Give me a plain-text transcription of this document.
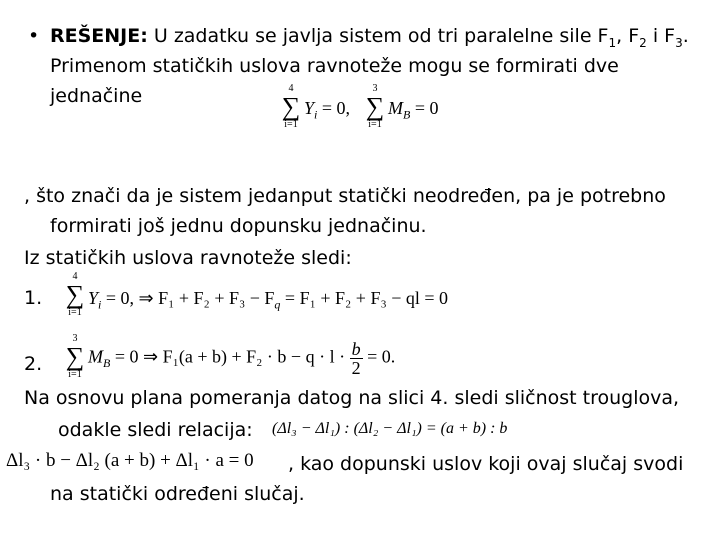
• REŠENJE: U zadatku se javlja sistem od tri paralelne sile $F_1$, $F_2$ i $F_3$.
Primenom statičkih uslova ravnoteže mogu se formirati dve
jednačine	4
∑
i=1
$Y_i = 0$,
3
∑
i=1
$M_B = 0$
, što znači da je sistem jedanput statički neodređen, pa je potrebno
formirati još jednu dopunsku jednačinu.
Iz statičkih uslova ravnoteže sledi:
1.
4
∑
i=1
$Y_i = 0$, ⇒ $F_1 + F_2 + F_3 - F_q = F_1 + F_2 + F_3$ − ql = 0
2.
3
∑
i=1
$M_B = 0$ ⇒ $F_1(a + b) + F_2 \cdot b - q \cdot l \cdot \frac{b}{2} = 0$.
Na osnovu plana pomeranja datog na slici 4. sledi sličnost trouglova,
odakle sledi relacija: (Δl₃ − Δl₁) : (Δl₂ − Δl₁) = (a + b) : b
Δl₃ · b − Δl₂ (a + b) + Δl₁ · a = 0 , kao dopunski uslov koji ovaj slučaj svodi
na statički određeni slučaj.
